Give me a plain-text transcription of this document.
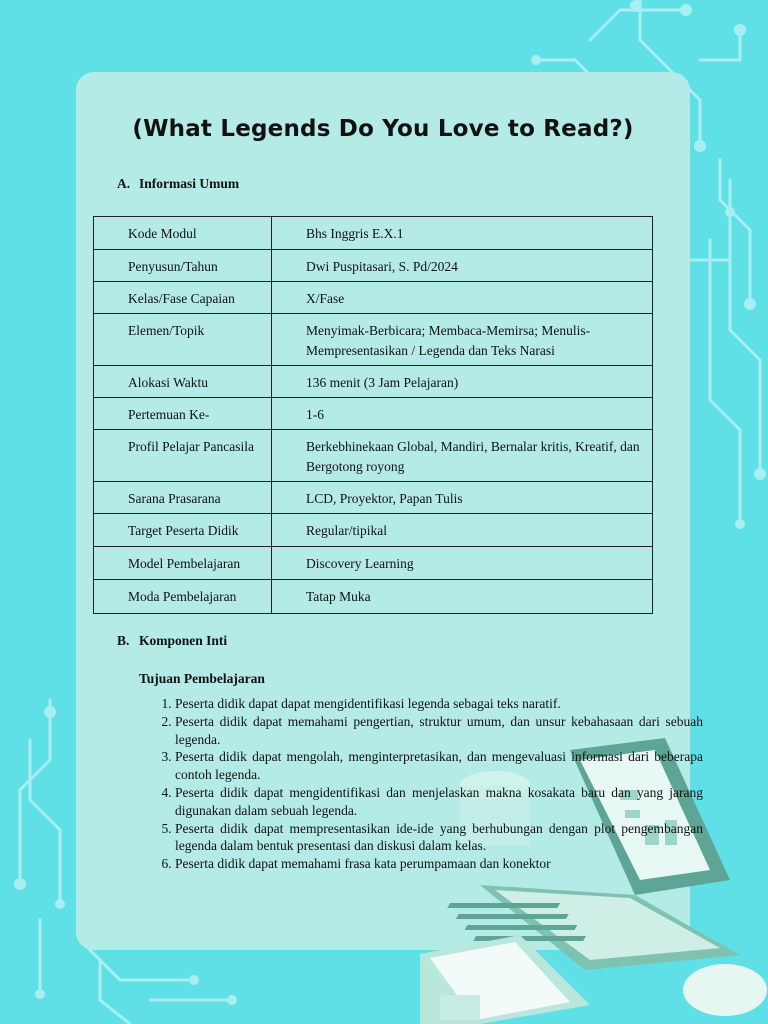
(What Legends Do You Love to Read?)
A. Informasi Umum
Kode Modul	Bhs Inggris E.X.1
Penyusun/Tahun	Dwi Puspitasari, S. Pd/2024
Kelas/Fase Capaian	X/Fase
Elemen/Topik	Menyimak-Berbicara; Membaca-Memirsa; Menulis-Mempresentasikan / Legenda dan Teks Narasi
Alokasi Waktu	136 menit (3 Jam Pelajaran)
Pertemuan Ke-	1-6
Profil Pelajar Pancasila	Berkebhinekaan Global, Mandiri, Bernalar kritis, Kreatif, dan Bergotong royong
Sarana Prasarana	LCD, Proyektor, Papan Tulis
Target Peserta Didik	Regular/tipikal
Model Pembelajaran	Discovery Learning
Moda Pembelajaran	Tatap Muka
B. Komponen Inti
Tujuan Pembelajaran
1. Peserta didik dapat dapat mengidentifikasi legenda sebagai teks naratif.
2. Peserta didik dapat memahami pengertian, struktur umum, dan unsur kebahasaan dari sebuah legenda.
3. Peserta didik dapat mengolah, menginterpretasikan, dan mengevaluasi informasi dari beberapa contoh legenda.
4. Peserta didik dapat mengidentifikasi dan menjelaskan makna kosakata baru dan yang jarang digunakan dalam sebuah legenda.
5. Peserta didik dapat mempresentasikan ide-ide yang berhubungan dengan plot pengembangan legenda dalam bentuk presentasi dan diskusi dalam kelas.
6. Peserta didik dapat memahami frasa kata perumpamaan dan konektor
